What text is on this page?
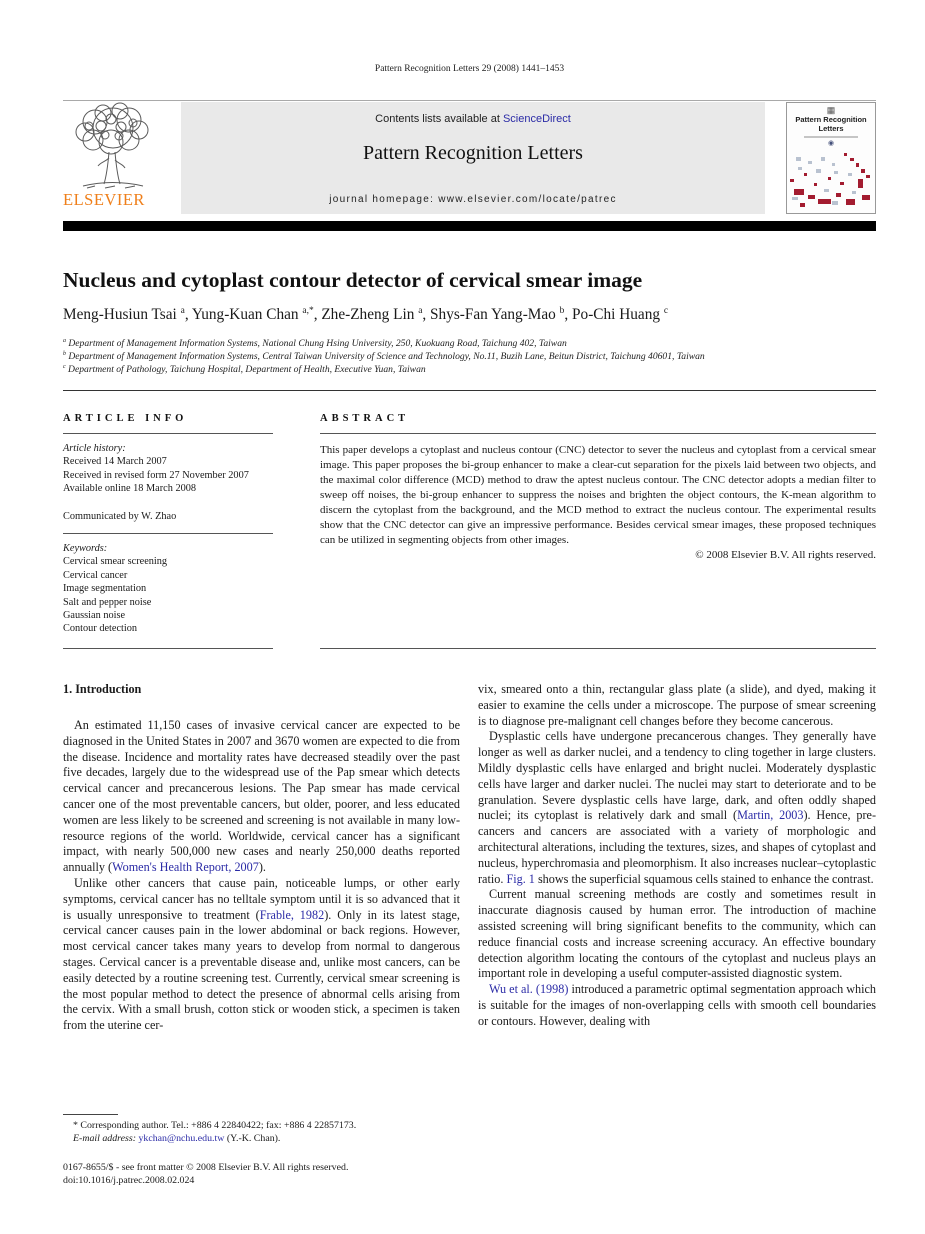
Pattern Recognition Letters 29 (2008) 1441–1453
ELSEVIER
Contents lists available at ScienceDirect
Pattern Recognition Letters
journal homepage: www.elsevier.com/locate/patrec
▦
Pattern Recognition Letters
◉
Nucleus and cytoplast contour detector of cervical smear image
Meng-Husiun Tsai $^a$, Yung-Kuan Chan $^{a,*}$, Zhe-Zheng Lin $^a$, Shys-Fan Yang-Mao $^b$, Po-Chi Huang $^c$
$^a$ Department of Management Information Systems, National Chung Hsing University, 250, Kuokuang Road, Taichung 402, Taiwan
$^b$ Department of Management Information Systems, Central Taiwan University of Science and Technology, No.11, Buzih Lane, Beitun District, Taichung 40601, Taiwan
$^c$ Department of Pathology, Taichung Hospital, Department of Health, Executive Yuan, Taiwan
ARTICLE INFO
Article history:
Received 14 March 2007
Received in revised form 27 November 2007
Available online 18 March 2008
Communicated by W. Zhao
Keywords:
Cervical smear screening
Cervical cancer
Image segmentation
Salt and pepper noise
Gaussian noise
Contour detection
ABSTRACT
This paper develops a cytoplast and nucleus contour (CNC) detector to sever the nucleus and cytoplast from a cervical smear image. This paper proposes the bi-group enhancer to make a clear-cut separation for the pixels laid between two objects, and the maximal color difference (MCD) method to draw the aptest nucleus contour. The CNC detector adopts a median filter to sweep off noises, the bi-group enhancer to suppress the noises and brighten the object contours, the K-mean algorithm to discern the cytoplast from the background, and the MCD method to extract the nucleus contour. The experimental results show that the CNC detector can give an impressive performance. Besides cervical smear images, these proposed techniques can be utilized in segmenting objects from other images.
© 2008 Elsevier B.V. All rights reserved.
1. Introduction
An estimated 11,150 cases of invasive cervical cancer are expected to be diagnosed in the United States in 2007 and 3670 women are expected to die from the disease. Incidence and mortality rates have decreased steadily over the past five decades, largely due to the widespread use of the Pap smear which detects cervical cancer and precancerous lesions. The Pap smear has made cervical cancer one of the most preventable cancers, but older, poorer, and less educated women are less likely to be screened and screening is not available in many low-resource regions of the world. Worldwide, cervical cancer has a significant impact, with nearly 500,000 new cases and nearly 250,000 deaths reported annually (Women's Health Report, 2007).
Unlike other cancers that cause pain, noticeable lumps, or other early symptoms, cervical cancer has no telltale symptom until it is so advanced that it is usually unresponsive to treatment (Frable, 1982). Only in its latest stage, cervical cancer causes pain in the lower abdominal or back regions. However, most cervical cancer takes many years to develop from normal to dangerous stages. Cervical cancer is a preventable disease and, unlike most cancers, can be easily detected by a routine screening test. Currently, cervical smear screening is the most popular method to detect the presence of abnormal cells arising from the cervix. With a small brush, cotton stick or wooden stick, a specimen is taken from the uterine cer-
* Corresponding author. Tel.: +886 4 22840422; fax: +886 4 22857173.
E-mail address: ykchan@nchu.edu.tw (Y.-K. Chan).
0167-8655/$ - see front matter © 2008 Elsevier B.V. All rights reserved.
doi:10.1016/j.patrec.2008.02.024
vix, smeared onto a thin, rectangular glass plate (a slide), and dyed, making it easier to examine the cells under a microscope. The purpose of smear screening is to diagnose pre-malignant cell changes before they become cancerous.
Dysplastic cells have undergone precancerous changes. They generally have longer as well as darker nuclei, and a tendency to cling together in large clusters. Mildly dysplastic cells have enlarged and bright nuclei. Moderately dysplastic cells have larger and darker nuclei. The nuclei may start to deteriorate and to be granulation. Severe dysplastic cells have large, dark, and often oddly shaped nuclei; its cytoplast is relatively dark and small (Martin, 2003). Hence, pre-cancers and cancers are associated with a variety of morphologic and architectural alterations, including the textures, sizes, and shapes of cytoplast and nucleus, hyperchromasia and pleomorphism. It also increases nuclear–cytoplastic ratio. Fig. 1 shows the superficial squamous cells stained to enhance the contrast.
Current manual screening methods are costly and sometimes result in inaccurate diagnosis caused by human error. The introduction of machine assisted screening will bring significant benefits to the community, which can reduce financial costs and increase screening accuracy. An effective boundary detection algorithm locating the contours of the cytoplast and nucleus plays an important role in developing a useful computer-assisted diagnostic system.
Wu et al. (1998) introduced a parametric optimal segmentation approach which is suitable for the images of non-overlapping cells with smooth cell boundaries or contours. However, dealing with
